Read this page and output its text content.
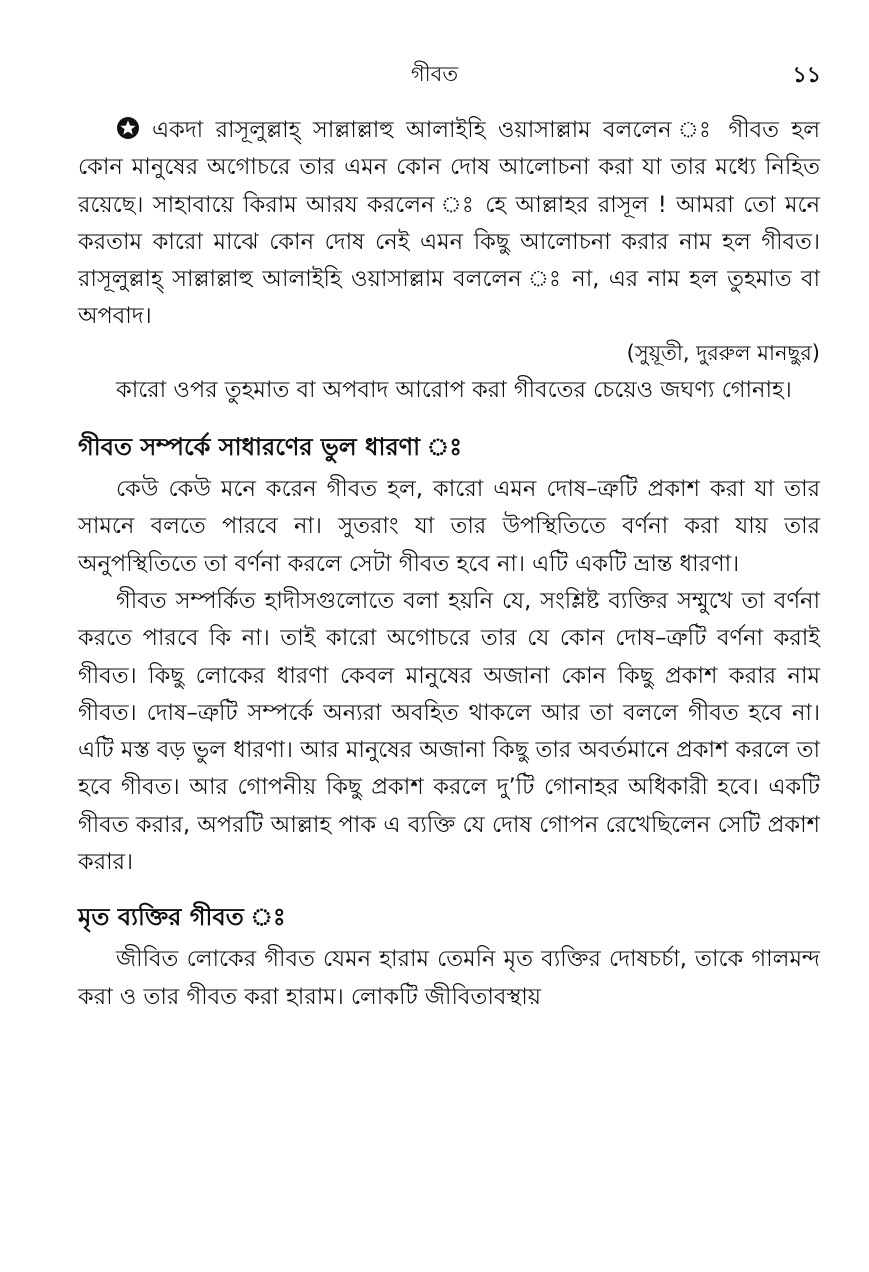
গীবত	১১

একদা রাসূলুল্লাহ্‌ সাল্লাল্লাহু আলাইহি ওয়াসাল্লাম বললেন ঃ গীবত হল কোন মানুষের অগোচরে তার এমন কোন দোষ আলোচনা করা যা তার মধ্যে নিহিত রয়েছে। সাহাবায়ে কিরাম আরয করলেন ঃ হে আল্লাহর রাসূল ! আমরা তো মনে করতাম কারো মাঝে কোন দোষ নেই এমন কিছু আলোচনা করার নাম হল গীবত। রাসূলুল্লাহ্‌ সাল্লাল্লাহু আলাইহি ওয়াসাল্লাম বললেন ঃ না, এর নাম হল তুহমাত বা অপবাদ।

(সুয়ূতী, দুররুল মানছুর)

কারো ওপর তুহমাত বা অপবাদ আরোপ করা গীবতের চেয়েও জঘণ্য গোনাহ।

গীবত সম্পর্কে সাধারণের ভুল ধারণা ঃ

কেউ কেউ মনে করেন গীবত হল, কারো এমন দোষ–ত্রুটি প্রকাশ করা যা তার সামনে বলতে পারবে না। সুতরাং যা তার উপস্থিতিতে বর্ণনা করা যায় তার অনুপস্থিতিতে তা বর্ণনা করলে সেটা গীবত হবে না। এটি একটি ভ্রান্ত ধারণা।

গীবত সম্পর্কিত হাদীসগুলোতে বলা হয়নি যে, সংশ্লিষ্ট ব্যক্তির সম্মুখে তা বর্ণনা করতে পারবে কি না। তাই কারো অগোচরে তার যে কোন দোষ–ত্রুটি বর্ণনা করাই গীবত। কিছু লোকের ধারণা কেবল মানুষের অজানা কোন কিছু প্রকাশ করার নাম গীবত। দোষ–ত্রুটি সম্পর্কে অন্যরা অবহিত থাকলে আর তা বললে গীবত হবে না। এটি মস্ত বড় ভুল ধারণা। আর মানুষের অজানা কিছু তার অবর্তমানে প্রকাশ করলে তা হবে গীবত। আর গোপনীয় কিছু প্রকাশ করলে দু’টি গোনাহর অধিকারী হবে। একটি গীবত করার, অপরটি আল্লাহ পাক এ ব্যক্তি যে দোষ গোপন রেখেছিলেন সেটি প্রকাশ করার।

মৃত ব্যক্তির গীবত ঃ

জীবিত লোকের গীবত যেমন হারাম তেমনি মৃত ব্যক্তির দোষচর্চা, তাকে গালমন্দ করা ও তার গীবত করা হারাম। লোকটি জীবিতাবস্থায়
